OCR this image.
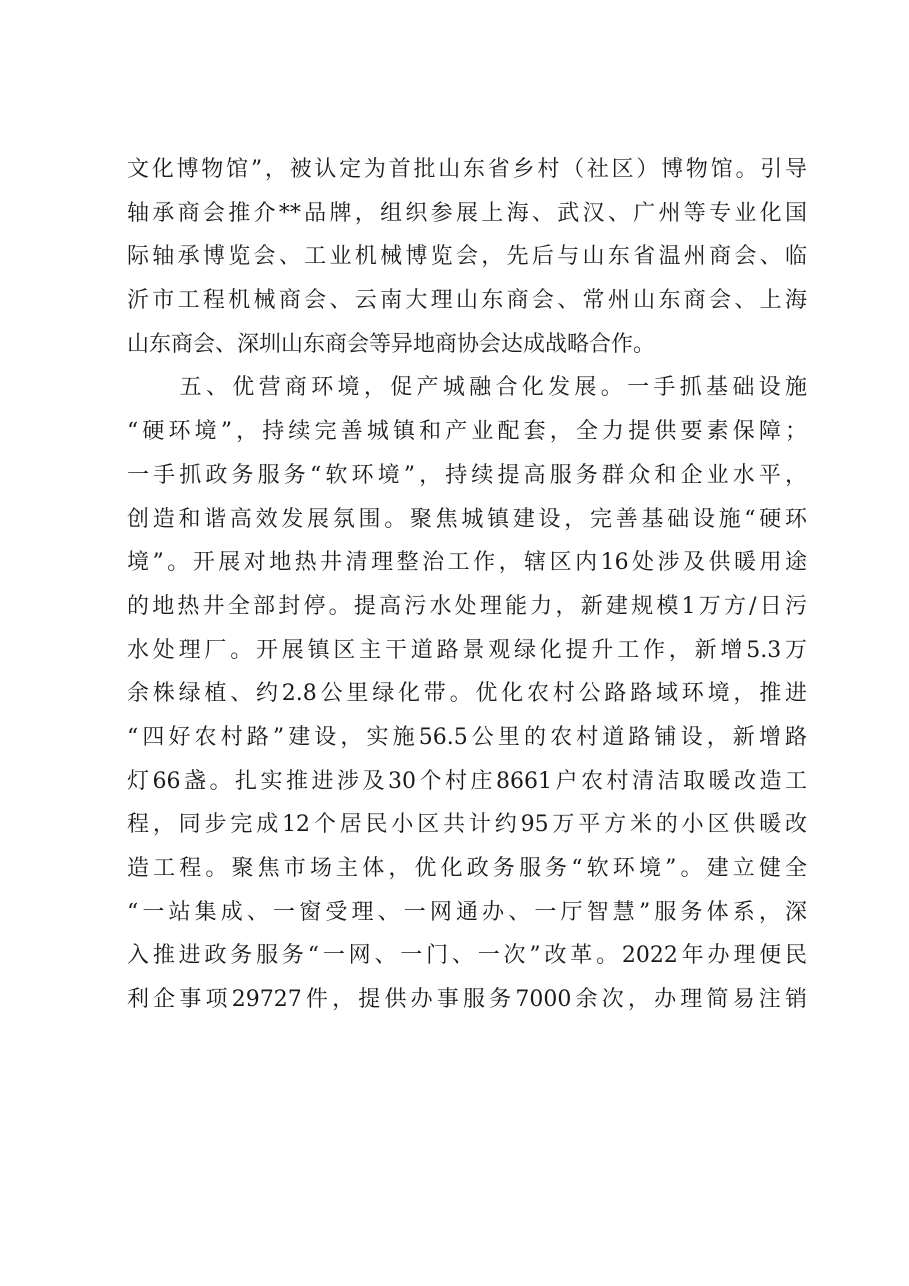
文化博物馆”，被认定为首批山东省乡村（社区）博物馆。引导
轴承商会推介**品牌，组织参展上海、武汉、广州等专业化国
际轴承博览会、工业机械博览会，先后与山东省温州商会、临
沂市工程机械商会、云南大理山东商会、常州山东商会、上海
山东商会、深圳山东商会等异地商协会达成战略合作。
　　五、优营商环境，促产城融合化发展。一手抓基础设施
“硬环境”，持续完善城镇和产业配套，全力提供要素保障；
一手抓政务服务“软环境”，持续提高服务群众和企业水平，
创造和谐高效发展氛围。聚焦城镇建设，完善基础设施“硬环
境”。开展对地热井清理整治工作，辖区内16处涉及供暖用途
的地热井全部封停。提高污水处理能力，新建规模1万方/日污
水处理厂。开展镇区主干道路景观绿化提升工作，新增5.3万
余株绿植、约2.8公里绿化带。优化农村公路路域环境，推进
“四好农村路”建设，实施56.5公里的农村道路铺设，新增路
灯66盏。扎实推进涉及30个村庄8661户农村清洁取暖改造工
程，同步完成12个居民小区共计约95万平方米的小区供暖改
造工程。聚焦市场主体，优化政务服务“软环境”。建立健全
“一站集成、一窗受理、一网通办、一厅智慧”服务体系，深
入推进政务服务“一网、一门、一次”改革。2022年办理便民
利企事项29727件，提供办事服务7000余次，办理简易注销
